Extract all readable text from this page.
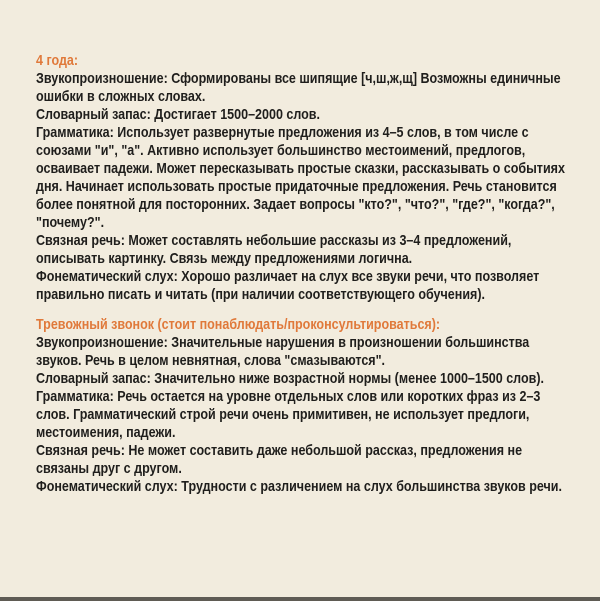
4 года:

Звукопроизношение: Сформированы все шипящие [ч,ш,ж,щ] Возможны единичные ошибки в сложных словах.

Словарный запас: Достигает 1500–2000 слов.

Грамматика: Использует развернутые предложения из 4–5 слов, в том числе с союзами "и", "а". Активно использует большинство местоимений, предлогов, осваивает падежи. Может пересказывать простые сказки, рассказывать о событиях дня. Начинает использовать простые придаточные предложения. Речь становится более понятной для посторонних. Задает вопросы "кто?", "что?", "где?", "когда?", "почему?".

Связная речь: Может составлять небольшие рассказы из 3–4 предложений, описывать картинку. Связь между предложениями логична.

Фонематический слух: Хорошо различает на слух все звуки речи, что позволяет правильно писать и читать (при наличии соответствующего обучения).

Тревожный звонок (стоит понаблюдать/проконсультироваться):

Звукопроизношение: Значительные нарушения в произношении большинства звуков. Речь в целом невнятная, слова "смазываются".

Словарный запас: Значительно ниже возрастной нормы (менее 1000–1500 слов).

Грамматика: Речь остается на уровне отдельных слов или коротких фраз из 2–3 слов. Грамматический строй речи очень примитивен, не использует предлоги, местоимения, падежи.

Связная речь: Не может составить даже небольшой рассказ, предложения не связаны друг с другом.

Фонематический слух: Трудности с различением на слух большинства звуков речи.
